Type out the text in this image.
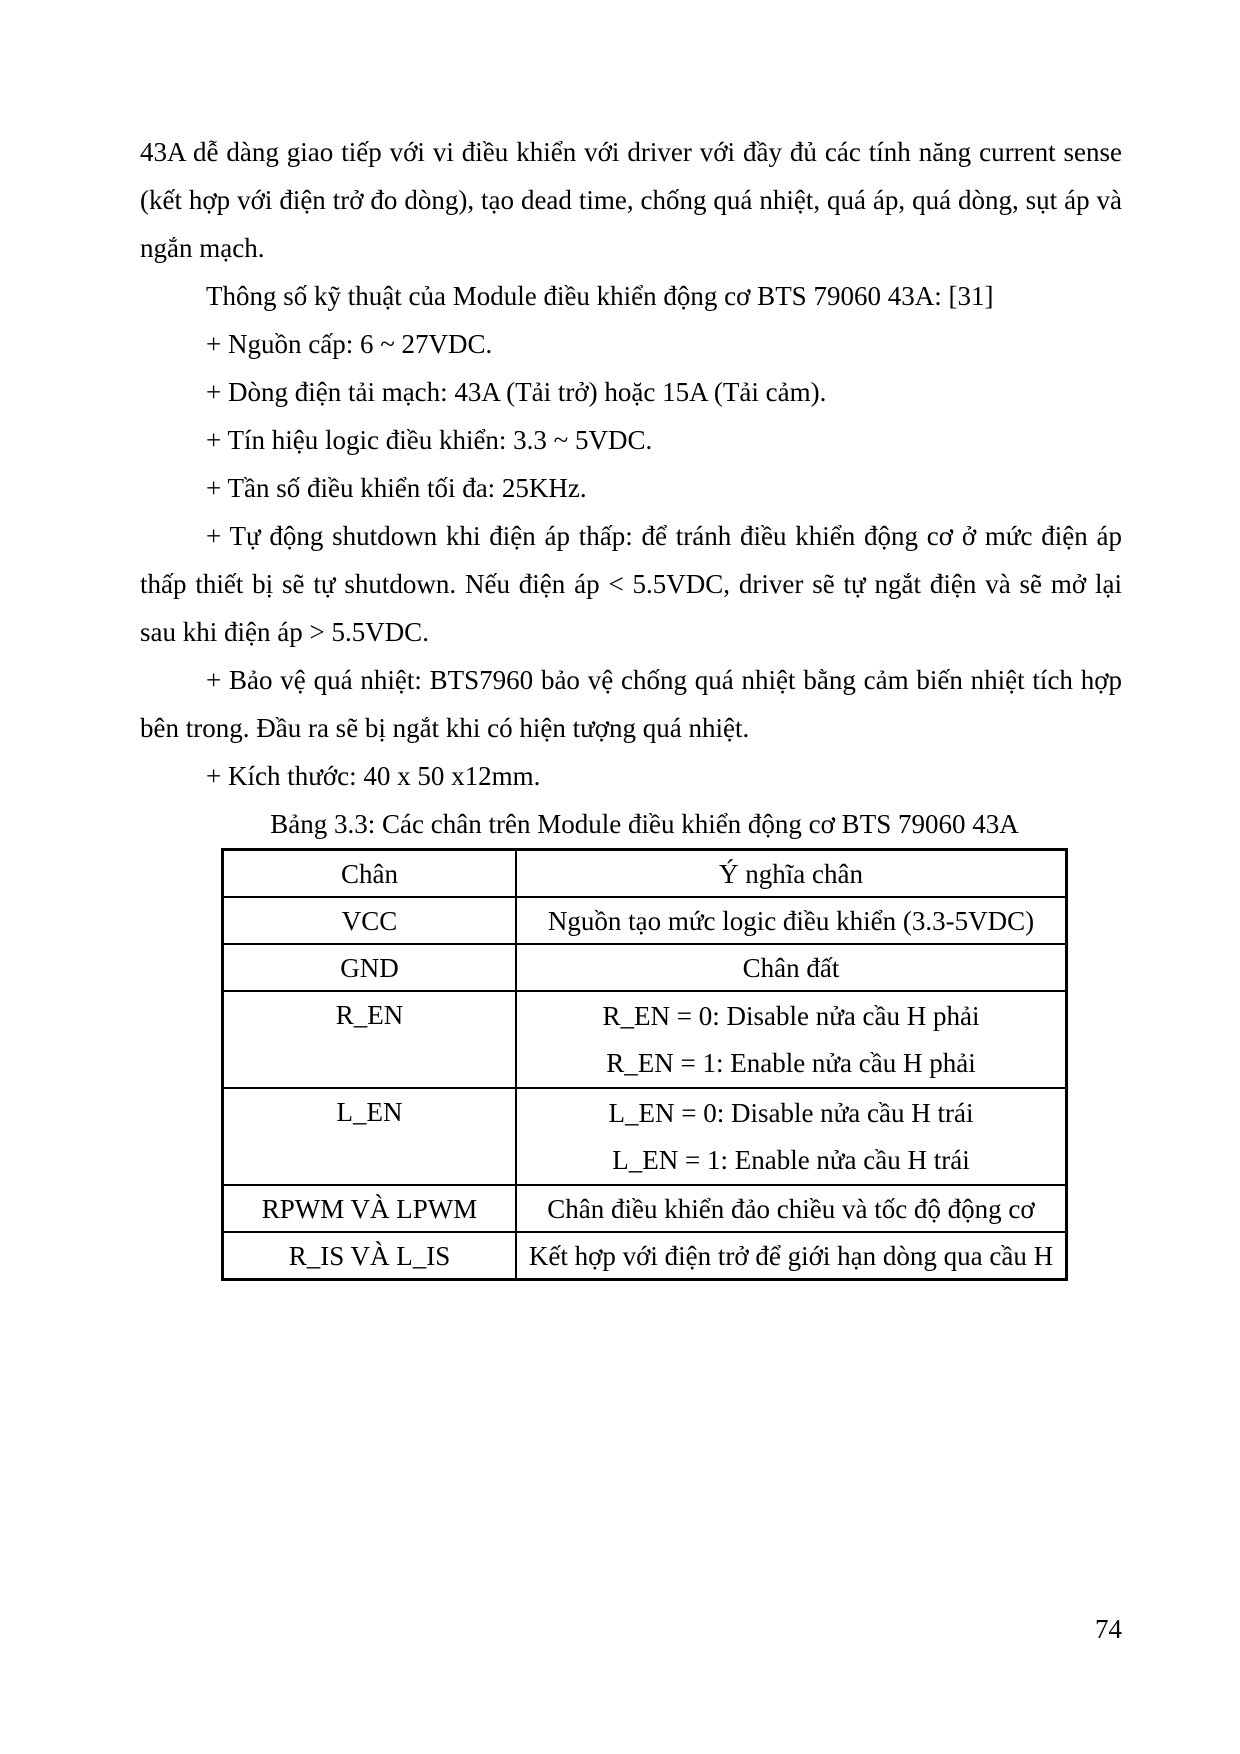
43A dễ dàng giao tiếp với vi điều khiển với driver với đầy đủ các tính năng current sense (kết hợp với điện trở đo dòng), tạo dead time, chống quá nhiệt, quá áp, quá dòng, sụt áp và ngắn mạch.

Thông số kỹ thuật của Module điều khiển động cơ BTS 79060 43A: [31]

+ Nguồn cấp: 6 ~ 27VDC.

+ Dòng điện tải mạch: 43A (Tải trở) hoặc 15A (Tải cảm).

+ Tín hiệu logic điều khiển: 3.3 ~ 5VDC.

+ Tần số điều khiển tối đa: 25KHz.

+ Tự động shutdown khi điện áp thấp: để tránh điều khiển động cơ ở mức điện áp thấp thiết bị sẽ tự shutdown. Nếu điện áp < 5.5VDC, driver sẽ tự ngắt điện và sẽ mở lại sau khi điện áp > 5.5VDC.

+ Bảo vệ quá nhiệt: BTS7960 bảo vệ chống quá nhiệt bằng cảm biến nhiệt tích hợp bên trong. Đầu ra sẽ bị ngắt khi có hiện tượng quá nhiệt.

+ Kích thước: 40 x 50 x12mm.

Bảng 3.3: Các chân trên Module điều khiển động cơ BTS 79060 43A
Chân	Ý nghĩa chân
VCC	Nguồn tạo mức logic điều khiển (3.3-5VDC)

GND	Chân đất

R_EN	R_EN = 0: Disable nửa cầu H phải
R_EN = 1: Enable nửa cầu H phải

L_EN	L_EN = 0: Disable nửa cầu H trái
L_EN = 1: Enable nửa cầu H trái

RPWM VÀ LPWM	Chân điều khiển đảo chiều và tốc độ động cơ

R_IS VÀ L_IS	Kết hợp với điện trở để giới hạn dòng qua cầu H
74
